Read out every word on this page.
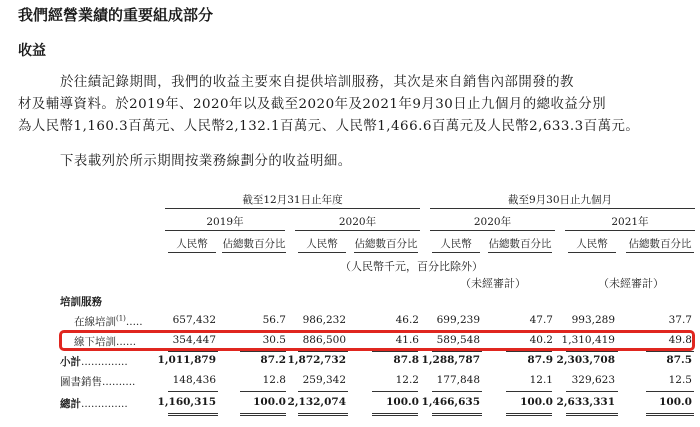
我們經營業績的重要組成部分
收益
於往績記錄期間，我們的收益主要來自提供培訓服務，其次是來自銷售內部開發的教
材及輔導資料。於2019年、2020年以及截至2020年及2021年9月30日止九個月的總收益分別
為人民幣1,160.3百萬元、人民幣2,132.1百萬元、人民幣1,466.6百萬元及人民幣2,633.3百萬元。
下表載列於所示期間按業務線劃分的收益明細。
截至12月31日止年度	截至9月30日止九個月
2019年	2020年	2020年	2021年
人民幣	佔總數百分比	人民幣	佔總數百分比	人民幣	佔總數百分比	人民幣	佔總數百分比
（人民幣千元，百分比除外）
（未經審計）	（未經審計）
培訓服務
在線培訓$^{(1)}$.....	657,432	56.7	986,232	46.2	699,239	47.7	993,289	37.7
線下培訓......	354,447	30.5	886,500	41.6	589,548	40.2 1,310,419	49.8
小計..............	1,011,879	87.2 1,872,732	87.8 1,288,787	87.9 2,303,708	87.5
圖書銷售..........	148,436	12.8	259,342	12.2	177,848	12.1	329,623	12.5
總計..............	1,160,315	100.0 2,132,074	100.0 1,466,635	100.0 2,633,331	100.0
